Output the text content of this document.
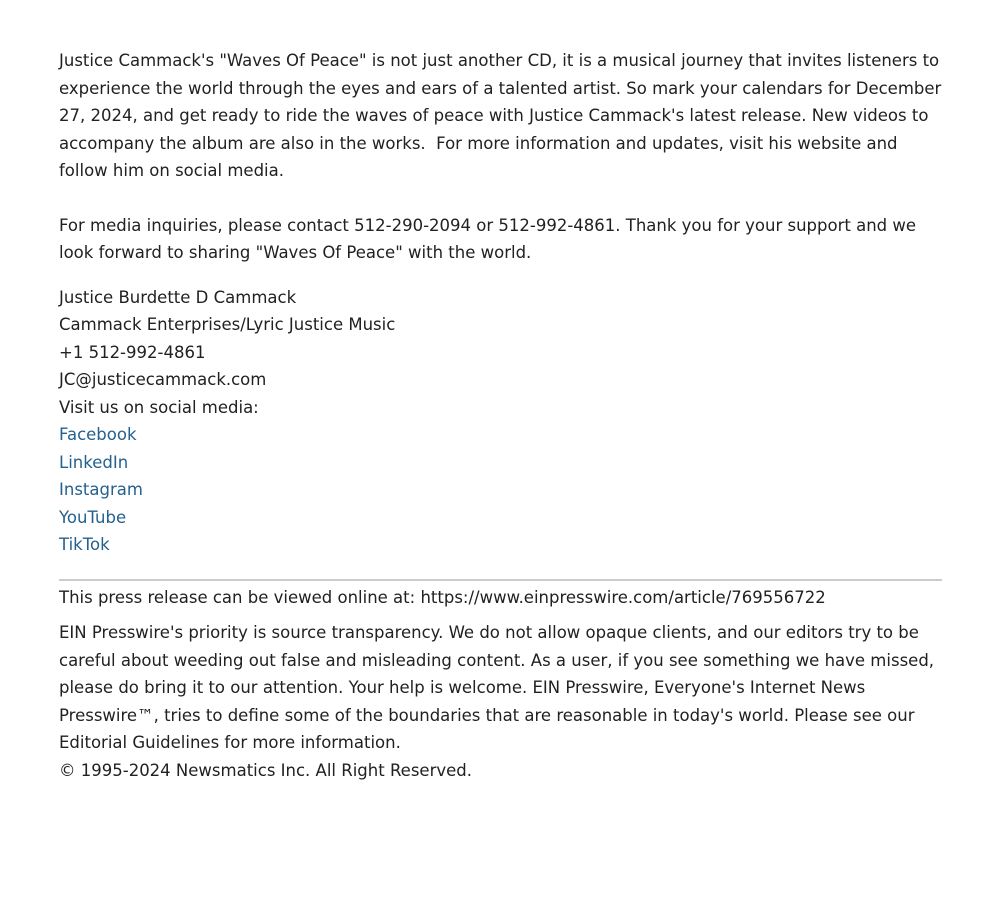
Justice Cammack's "Waves Of Peace" is not just another CD, it is a musical journey that invites listeners to experience the world through the eyes and ears of a talented artist. So mark your calendars for December 27, 2024, and get ready to ride the waves of peace with Justice Cammack's latest release. New videos to accompany the album are also in the works.  For more information and updates, visit his website and follow him on social media.

For media inquiries, please contact 512-290-2094 or 512-992-4861. Thank you for your support and we look forward to sharing "Waves Of Peace" with the world.

Justice Burdette D Cammack
Cammack Enterprises/Lyric Justice Music
+1 512-992-4861
JC@justicecammack.com
Visit us on social media:
Facebook
LinkedIn
Instagram
YouTube
TikTok

This press release can be viewed online at: https://www.einpresswire.com/article/769556722

EIN Presswire's priority is source transparency. We do not allow opaque clients, and our editors try to be careful about weeding out false and misleading content. As a user, if you see something we have missed, please do bring it to our attention. Your help is welcome. EIN Presswire, Everyone's Internet News Presswire™, tries to define some of the boundaries that are reasonable in today's world. Please see our Editorial Guidelines for more information.

© 1995-2024 Newsmatics Inc. All Right Reserved.
